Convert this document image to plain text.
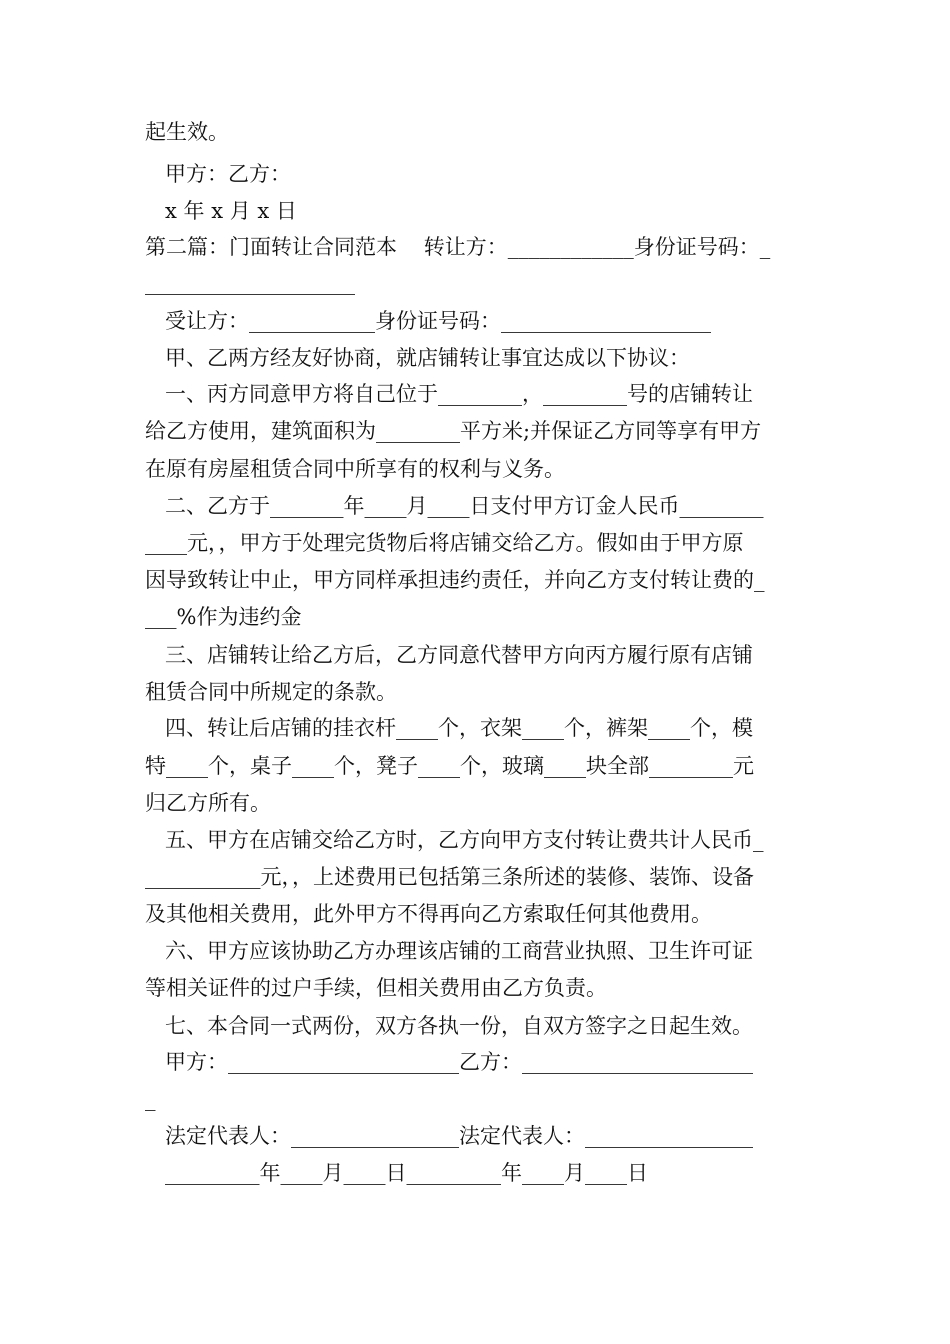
起生效。
甲方：乙方：
x 年 x 月 x 日
第二篇：门面转让合同范本    转让方：____________身份证号码：_
____________________
受让方：____________身份证号码：____________________
甲、乙两方经友好协商，就店铺转让事宜达成以下协议：
一、丙方同意甲方将自己位于________，________号的店铺转让
给乙方使用，建筑面积为________平方米;并保证乙方同等享有甲方
在原有房屋租赁合同中所享有的权利与义务。
二、乙方于_______年____月____日支付甲方订金人民币________
____元，，甲方于处理完货物后将店铺交给乙方。假如由于甲方原
因导致转让中止，甲方同样承担违约责任，并向乙方支付转让费的_
___%作为违约金
三、店铺转让给乙方后，乙方同意代替甲方向丙方履行原有店铺
租赁合同中所规定的条款。
四、转让后店铺的挂衣杆____个，衣架____个，裤架____个，模
特____个，桌子____个，凳子____个，玻璃____块全部________元
归乙方所有。
五、甲方在店铺交给乙方时，乙方向甲方支付转让费共计人民币_
___________元，，上述费用已包括第三条所述的装修、装饰、设备
及其他相关费用，此外甲方不得再向乙方索取任何其他费用。
六、甲方应该协助乙方办理该店铺的工商营业执照、卫生许可证
等相关证件的过户手续，但相关费用由乙方负责。
七、本合同一式两份，双方各执一份，自双方签字之日起生效。
甲方：______________________乙方：______________________
_
法定代表人：________________法定代表人：________________
_________年____月____日_________年____月____日
